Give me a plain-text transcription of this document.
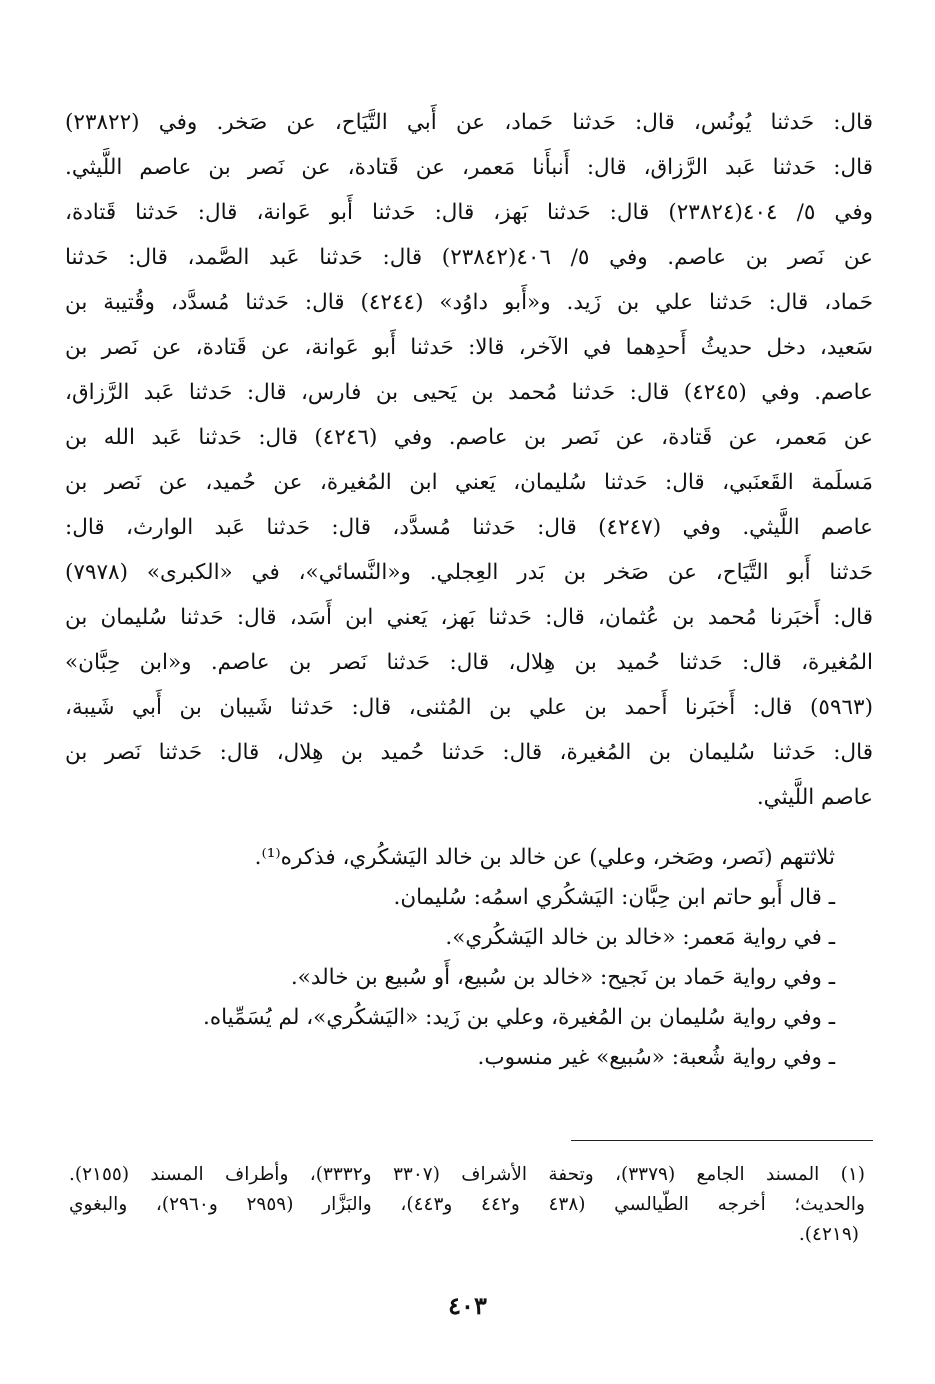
قال: حَدثنا يُونُس، قال: حَدثنا حَماد، عن أَبي التَّيَاح، عن صَخر. وفي (٢٣٨٢٢)
قال: حَدثنا عَبد الرَّزاق، قال: أَنبأَنا مَعمر، عن قَتادة، عن نَصر بن عاصم اللَّيثي.
وفي ٥/ ٤٠٤(٢٣٨٢٤) قال: حَدثنا بَهز، قال: حَدثنا أَبو عَوانة، قال: حَدثنا قَتادة،
عن نَصر بن عاصم. وفي ٥/ ٤٠٦(٢٣٨٤٢) قال: حَدثنا عَبد الصَّمد، قال: حَدثنا
حَماد، قال: حَدثنا علي بن زَيد. و«أَبو داوُد» (٤٢٤٤) قال: حَدثنا مُسدَّد، وقُتيبة بن
سَعيد، دخل حديثُ أَحدِهما في الآخر، قالا: حَدثنا أَبو عَوانة، عن قَتادة، عن نَصر بن
عاصم. وفي (٤٢٤٥) قال: حَدثنا مُحمد بن يَحيى بن فارس، قال: حَدثنا عَبد الرَّزاق،
عن مَعمر، عن قَتادة، عن نَصر بن عاصم. وفي (٤٢٤٦) قال: حَدثنا عَبد الله بن
مَسلَمة القَعنَبي، قال: حَدثنا سُليمان، يَعني ابن المُغيرة، عن حُميد، عن نَصر بن
عاصم اللَّيثي. وفي (٤٢٤٧) قال: حَدثنا مُسدَّد، قال: حَدثنا عَبد الوارث، قال:
حَدثنا أَبو التَّيَاح، عن صَخر بن بَدر العِجلي. و«النَّسائي»، في «الكبرى» (٧٩٧٨)
قال: أَخبَرنا مُحمد بن عُثمان، قال: حَدثنا بَهز، يَعني ابن أَسَد، قال: حَدثنا سُليمان بن
المُغيرة، قال: حَدثنا حُميد بن هِلال، قال: حَدثنا نَصر بن عاصم. و«ابن حِبَّان»
(٥٩٦٣) قال: أَخبَرنا أَحمد بن علي بن المُثنى، قال: حَدثنا شَيبان بن أَبي شَيبة،
قال: حَدثنا سُليمان بن المُغيرة، قال: حَدثنا حُميد بن هِلال، قال: حَدثنا نَصر بن
عاصم اللَّيثي.
ثلاثتهم (نَصر، وصَخر، وعلي) عن خالد بن خالد اليَشكُري، فذكره⁽¹⁾.
ـ قال أَبو حاتم ابن حِبَّان: اليَشكُري اسمُه: سُليمان.
ـ في رواية مَعمر: «خالد بن خالد اليَشكُري».
ـ وفي رواية حَماد بن نَجيح: «خالد بن سُبيع، أَو سُبيع بن خالد».
ـ وفي رواية سُليمان بن المُغيرة، وعلي بن زَيد: «اليَشكُري»، لم يُسَمِّياه.
ـ وفي رواية شُعبة: «سُبيع» غير منسوب.
(١) المسند الجامع (٣٣٧٩)، وتحفة الأشراف (٣٣٠٧ و٣٣٣٢)، وأطراف المسند (٢١٥٥).
والحديث؛ أخرجه الطَّيالسي (٤٣٨ و٤٤٢ و٤٤٣)، والبَزَّار (٢٩٥٩ و٢٩٦٠)، والبغوي
(٤٢١٩).
٤٠٣
